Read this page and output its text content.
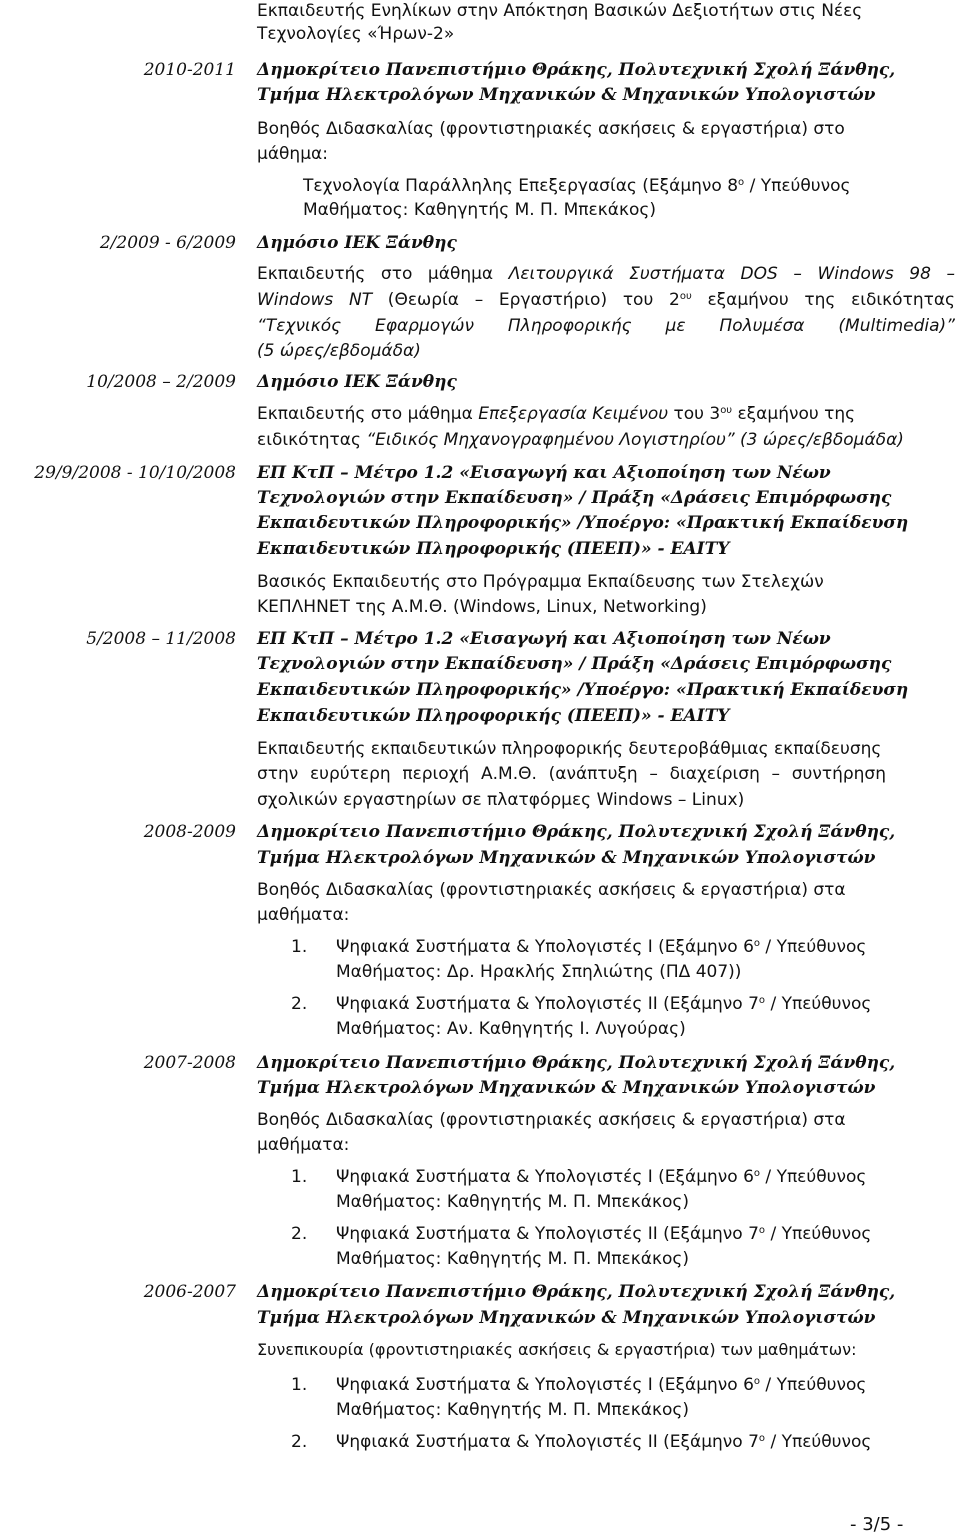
Εκπαιδευτής Ενηλίκων στην Απόκτηση Βασικών Δεξιοτήτων στις Νέες
Τεχνολογίες «Ήρων-2»
2010-2011 Δημοκρίτειο Πανεπιστήμιο Θράκης, Πολυτεχνική Σχολή Ξάνθης,
Τμήμα Ηλεκτρολόγων Μηχανικών & Μηχανικών Υπολογιστών
Βοηθός Διδασκαλίας (φροντιστηριακές ασκήσεις & εργαστήρια) στο
μάθημα:
Τεχνολογία Παράλληλης Επεξεργασίας (Εξάμηνο $8^o$ / Υπεύθυνος
Μαθήματος: Καθηγητής Μ. Π. Μπεκάκος)
2/2009 - 6/2009 Δημόσιο ΙΕΚ Ξάνθης
Εκπαιδευτής στο μάθημα Λειτουργικά Συστήματα DOS – Windows 98 –
Windows NT (Θεωρία – Εργαστήριο) του $2^{o\upsilon}$ εξαμήνου της ειδικότητας
“Τεχνικός Εφαρμογών Πληροφορικής με Πολυμέσα (Multimedia)”
(5 ώρες/εβδομάδα)
10/2008 – 2/2009 Δημόσιο ΙΕΚ Ξάνθης
Εκπαιδευτής στο μάθημα Επεξεργασία Κειμένου του $3^{o\upsilon}$ εξαμήνου της
ειδικότητας “Ειδικός Μηχανογραφημένου Λογιστηρίου” (3 ώρες/εβδομάδα)
29/9/2008 - 10/10/2008 ΕΠ ΚτΠ – Μέτρο 1.2 «Εισαγωγή και Αξιοποίηση των Νέων
Τεχνολογιών στην Εκπαίδευση» / Πράξη «Δράσεις Επιμόρφωσης
Εκπαιδευτικών Πληροφορικής» /Υποέργο: «Πρακτική Εκπαίδευση
Εκπαιδευτικών Πληροφορικής (ΠΕΕΠ)» - ΕΑΙΤΥ
Βασικός Εκπαιδευτής στο Πρόγραμμα Εκπαίδευσης των Στελεχών
ΚΕΠΛΗΝΕΤ της Α.Μ.Θ. (Windows, Linux, Networking)
5/2008 – 11/2008 ΕΠ ΚτΠ – Μέτρο 1.2 «Εισαγωγή και Αξιοποίηση των Νέων
Τεχνολογιών στην Εκπαίδευση» / Πράξη «Δράσεις Επιμόρφωσης
Εκπαιδευτικών Πληροφορικής» /Υποέργο: «Πρακτική Εκπαίδευση
Εκπαιδευτικών Πληροφορικής (ΠΕΕΠ)» - ΕΑΙΤΥ
Εκπαιδευτής εκπαιδευτικών πληροφορικής δευτεροβάθμιας εκπαίδευσης
στην ευρύτερη περιοχή Α.Μ.Θ. (ανάπτυξη – διαχείριση – συντήρηση
σχολικών εργαστηρίων σε πλατφόρμες Windows – Linux)
2008-2009 Δημοκρίτειο Πανεπιστήμιο Θράκης, Πολυτεχνική Σχολή Ξάνθης,
Τμήμα Ηλεκτρολόγων Μηχανικών & Μηχανικών Υπολογιστών
Βοηθός Διδασκαλίας (φροντιστηριακές ασκήσεις & εργαστήρια) στα
μαθήματα:
1. Ψηφιακά Συστήματα & Υπολογιστές Ι (Εξάμηνο $6^o$ / Υπεύθυνος
Μαθήματος: Δρ. Ηρακλής Σπηλιώτης (ΠΔ 407))
2. Ψηφιακά Συστήματα & Υπολογιστές ΙΙ (Εξάμηνο $7^o$ / Υπεύθυνος
Μαθήματος: Αν. Καθηγητής Ι. Λυγούρας)
2007-2008 Δημοκρίτειο Πανεπιστήμιο Θράκης, Πολυτεχνική Σχολή Ξάνθης,
Τμήμα Ηλεκτρολόγων Μηχανικών & Μηχανικών Υπολογιστών
Βοηθός Διδασκαλίας (φροντιστηριακές ασκήσεις & εργαστήρια) στα
μαθήματα:
1. Ψηφιακά Συστήματα & Υπολογιστές Ι (Εξάμηνο $6^o$ / Υπεύθυνος
Μαθήματος: Καθηγητής Μ. Π. Μπεκάκος)
2. Ψηφιακά Συστήματα & Υπολογιστές ΙΙ (Εξάμηνο $7^o$ / Υπεύθυνος
Μαθήματος: Καθηγητής Μ. Π. Μπεκάκος)
2006-2007 Δημοκρίτειο Πανεπιστήμιο Θράκης, Πολυτεχνική Σχολή Ξάνθης,
Τμήμα Ηλεκτρολόγων Μηχανικών & Μηχανικών Υπολογιστών
Συνεπικουρία (φροντιστηριακές ασκήσεις & εργαστήρια) των μαθημάτων:
1. Ψηφιακά Συστήματα & Υπολογιστές Ι (Εξάμηνο $6^o$ / Υπεύθυνος
Μαθήματος: Καθηγητής Μ. Π. Μπεκάκος)
2. Ψηφιακά Συστήματα & Υπολογιστές ΙΙ (Εξάμηνο $7^o$ / Υπεύθυνος
- 3/5 -
